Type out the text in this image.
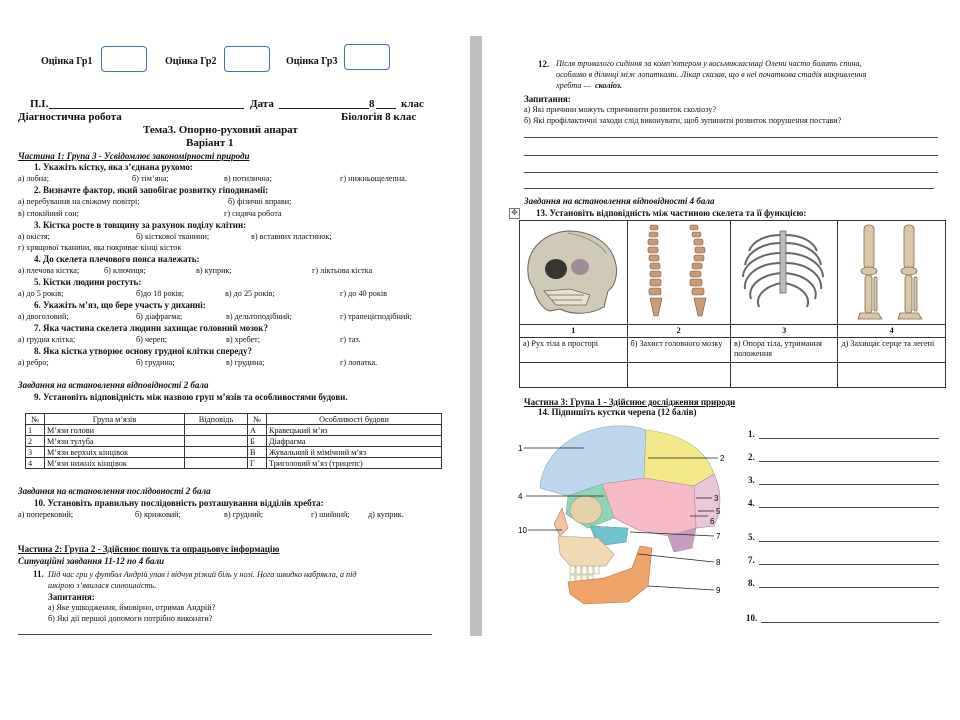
Оцінка Гр1	Оцінка Гр2	Оцінка Гр3
П.І.	Дата	8 клас
Діагностична робота	Біологія 8 клас
Тема3. Опорно-руховий апарат
Варіант 1
Частина 1: Група 3 - Усвідомлює закономірності природи
1. Укажіть кістку, яка з’єднана рухомо:
а) лобна;	б) тім’яна;	в) потилична;	г) нижньощелепна.
2. Визначте фактор, який запобігає розвитку гіподинамії:
а) перебування на свіжому повітрі;	б) фізичні вправи;
в) спокійний сон;	г) сидяча робота
3. Кістка росте в товщину за рахунок поділу клітин:
а) окістя;	б) кісткової тканини;	в) вставних пластинок;
г) хрящової тканини, яка покриває кінці кісток
4. До скелета плечового пояса належать:
а) плечова кістка;	б) ключиця;	в) куприк;	г) ліктьова кістка
5. Кістки людини ростуть:
а) до 5 років;	б)до 18 років;	в) до 25 років;	г) до 40 років
6. Укажіть м’яз, що бере участь у диханні:
а) двоголовий;	б) діафрагма;	в) дельтоподібний;	г) трапецієподібний;
7. Яка частина скелета людини захищає головний мозок?
а) грудна клітка;	б) череп;	в) хребет;	г) таз.
8. Яка кістка утворює основу грудної клітки спереду?
а) ребро;	б) грудина;	в) грудина;	г) лопатка.
Завдання на встановлення відповідності 2 бала
9. Установіть відповідність між назвою груп м’язів та особливостями будови.
№	Група м’язів	Відповідь	№	Особливості будови
1	М’язи голови		А	Кравецький м’яз
2	М’язи тулуба		Б	Діафрагма
3	М’язи верхніх кінцівок		В	Жувальний й мімічний м’яз
4	М’язи нижніх кінцівок		Г	Триголовий м’яз (трицепс)
Завдання на встановлення послідовності 2 бала
10. Установіть правильну послідовність розташування відділів хребта:
а) поперековий;	б) крижовий;	в) грудний;	г) шийний; д) куприк.
Частина 2: Група 2 - Здійснює пошук та опрацьовує інформацію
Ситуаційні завдання 11-12 по 4 бали
11. Під час гри у футбол Андрій упав і відчув різкий біль у нозі. Нога швидко набрякла, а під
шкірою з’явилася синюшність.
Запитання:
а) Яке ушкодження, ймовірно, отримав Андрій?
б) Які дії першої допомоги потрібно виконати?
12. Після тривалого сидіння за комп’ютером у восьмикласниці Олени часто болить спина,
особливо в ділянці між лопатками. Лікар сказав, що в неї початкова стадія викривлення
хребта — сколіоз.
Запитання:
а) Які причини можуть спричинити розвиток сколіозу?
б) Які профілактичні заходи слід виконувати, щоб зупинити розвиток порушення постави?
Завдання на встановлення відповідності 4 бала
✥ 13. Установіть відповідність між частиною скелета та її функцією:

1	2	3	4
а) Рух тіла в просторі	б) Захист головного мозку	в) Опора тіла, утримання положення	д) Захищає серце та легені

Частина 3: Група 1 - Здійснює дослідження природи
14. Підпишіть кустки черепа (12 балів)
1
2
3
4
5
6
7
8
9
10
1.
2.
3.
4.
5.
7.
8.
10.
